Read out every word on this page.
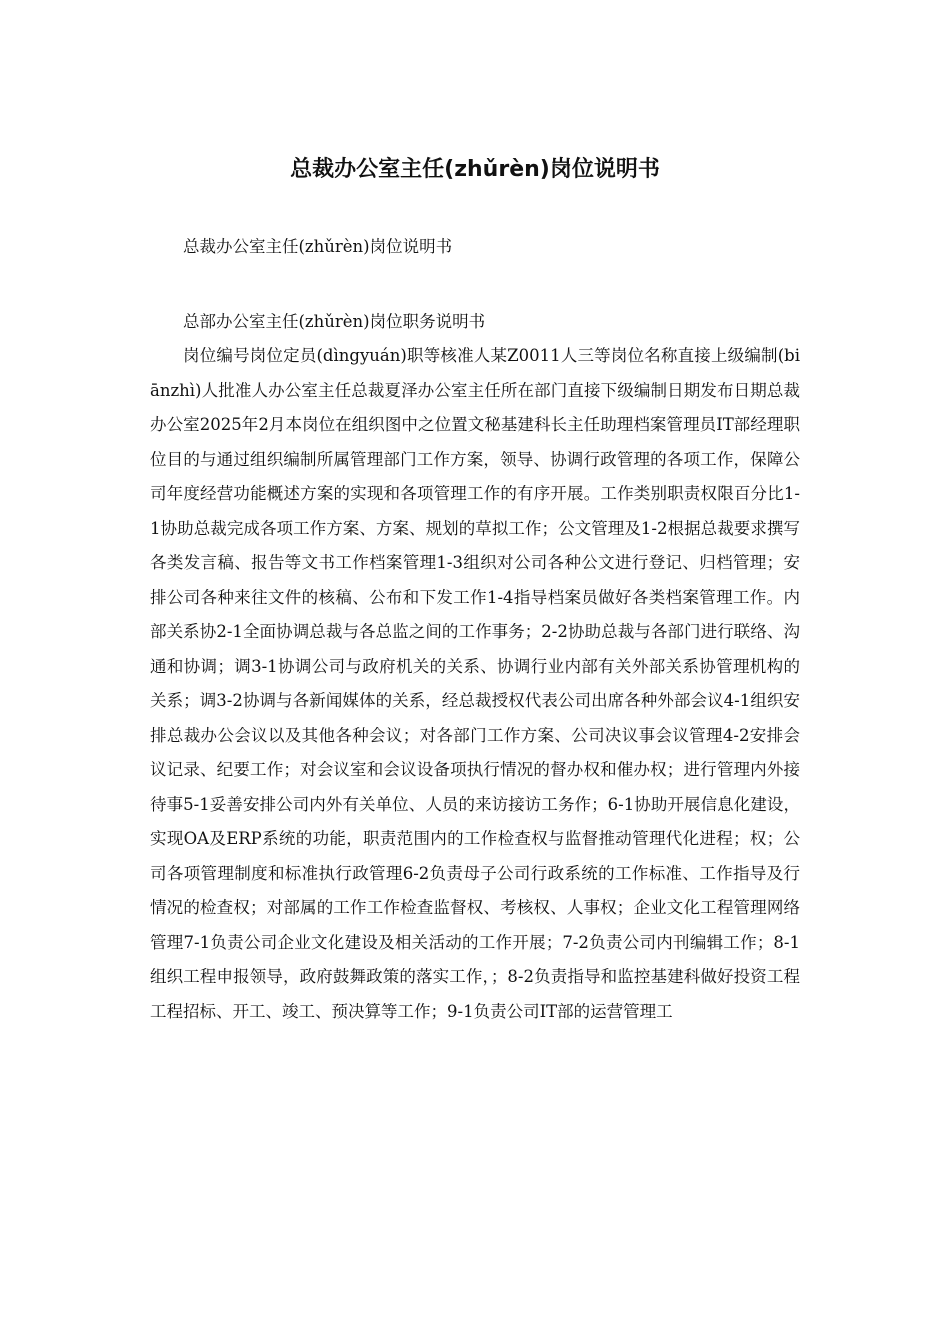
总裁办公室主任(zhǔrèn)岗位说明书

总裁办公室主任(zhǔrèn)岗位说明书

总部办公室主任(zhǔrèn)岗位职务说明书

岗位编号岗位定员(dìngyuán)职等核准人某Z0011人三等岗位名称直接上级编制(biānzhì)人批准人办公室主任总裁夏泽办公室主任所在部门直接下级编制日期发布日期总裁办公室2025年2月本岗位在组织图中之位置文秘基建科长主任助理档案管理员IT部经理职位目的与通过组织编制所属管理部门工作方案，领导、协调行政管理的各项工作，保障公司年度经营功能概述方案的实现和各项管理工作的有序开展。工作类别职责权限百分比1-1协助总裁完成各项工作方案、方案、规划的草拟工作；公文管理及1-2根据总裁要求撰写各类发言稿、报告等文书工作档案管理1-3组织对公司各种公文进行登记、归档管理；安排公司各种来往文件的核稿、公布和下发工作1-4指导档案员做好各类档案管理工作。内部关系协2-1全面协调总裁与各总监之间的工作事务；2-2协助总裁与各部门进行联络、沟通和协调；调3-1协调公司与政府机关的关系、协调行业内部有关外部关系协管理机构的关系；调3-2协调与各新闻媒体的关系，经总裁授权代表公司出席各种外部会议4-1组织安排总裁办公会议以及其他各种会议；对各部门工作方案、公司决议事会议管理4-2安排会议记录、纪要工作；对会议室和会议设备项执行情况的督办权和催办权；进行管理内外接待事5-1妥善安排公司内外有关单位、人员的来访接访工务作；6-1协助开展信息化建设，实现OA及ERP系统的功能，职责范围内的工作检查权与监督推动管理代化进程；权；公司各项管理制度和标准执行政管理6-2负责母子公司行政系统的工作标准、工作指导及行情况的检查权；对部属的工作工作检查监督权、考核权、人事权；企业文化工程管理网络管理7-1负责公司企业文化建设及相关活动的工作开展；7-2负责公司内刊编辑工作；8-1组织工程申报领导，政府鼓舞政策的落实工作，；8-2负责指导和监控基建科做好投资工程工程招标、开工、竣工、预决算等工作；9-1负责公司IT部的运营管理工
